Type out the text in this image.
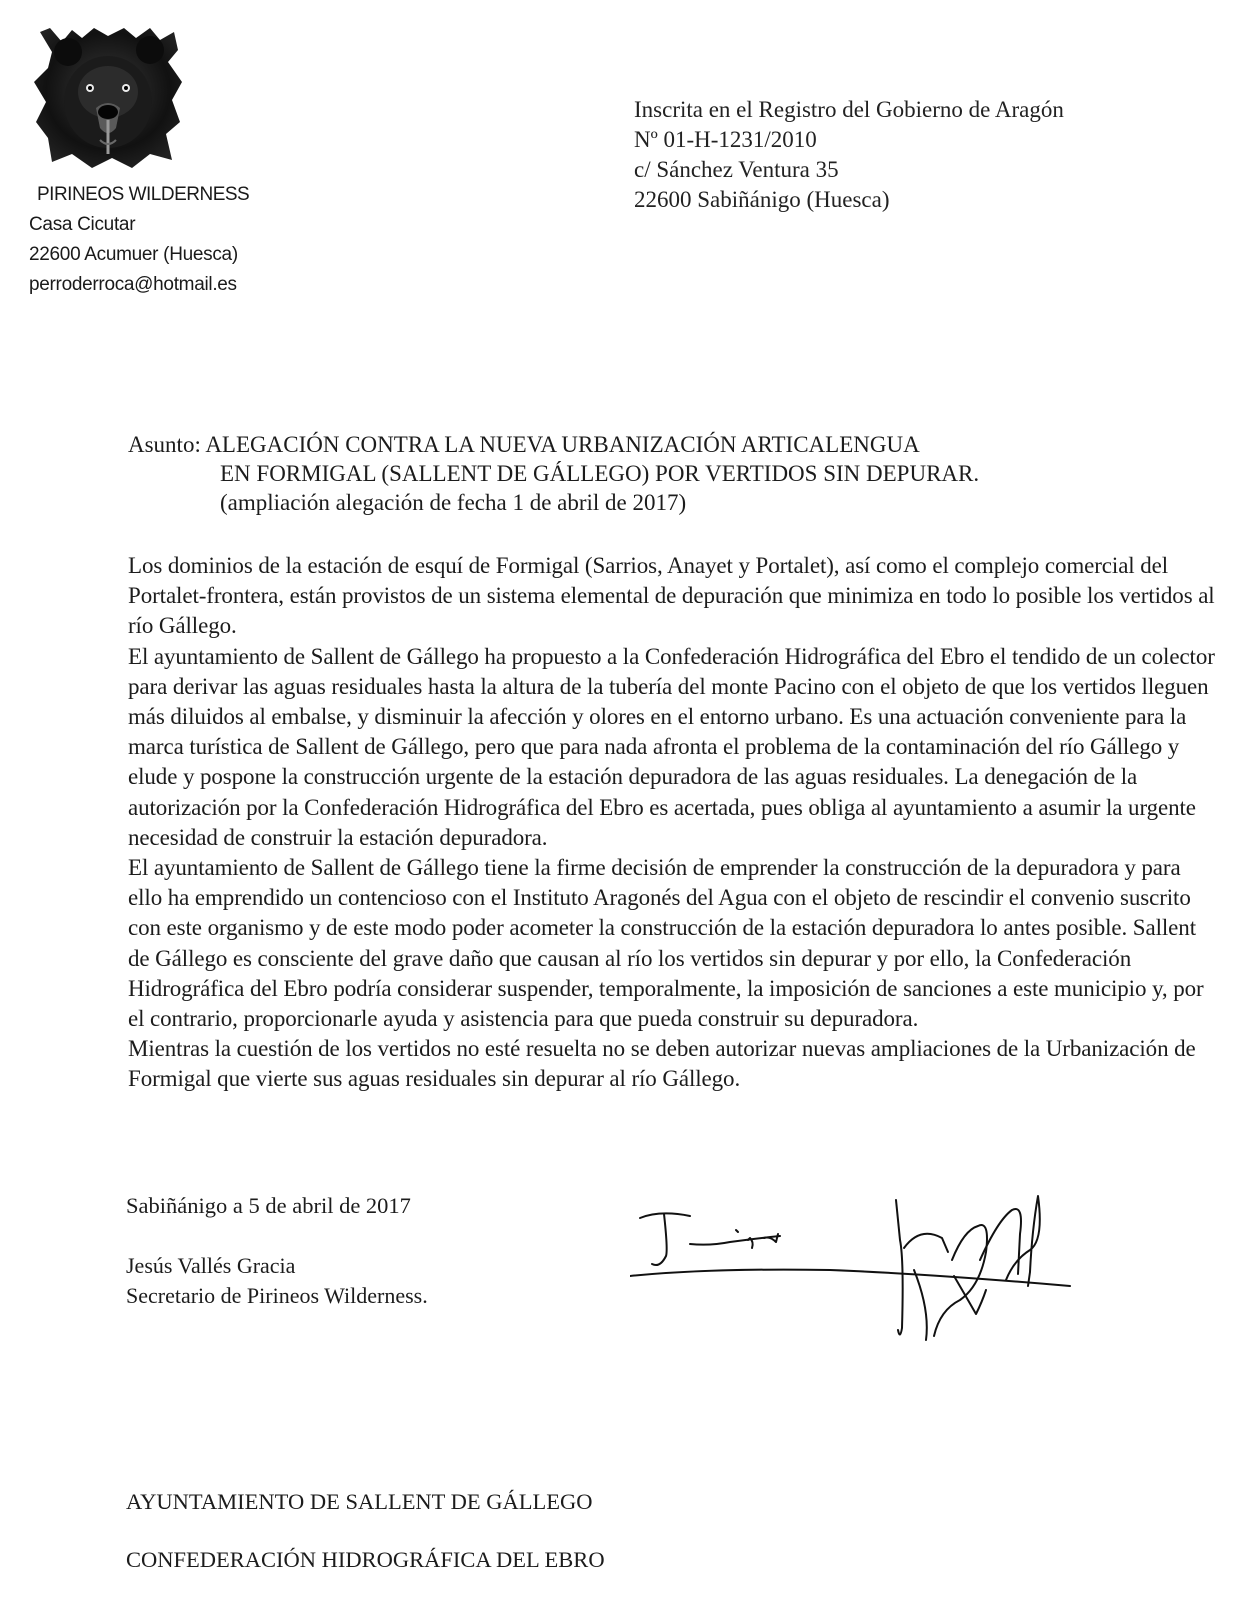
PIRINEOS WILDERNESS
Casa Cicutar
22600 Acumuer (Huesca)
perroderroca@hotmail.es
Inscrita en el Registro del Gobierno de Aragón
Nº 01-H-1231/2010
c/ Sánchez Ventura 35
22600 Sabiñánigo (Huesca)
Asunto: ALEGACIÓN CONTRA LA NUEVA URBANIZACIÓN ARTICALENGUA
EN FORMIGAL (SALLENT DE GÁLLEGO) POR VERTIDOS SIN DEPURAR.
(ampliación alegación de fecha 1 de abril de 2017)

Los dominios de la estación de esquí de Formigal (Sarrios, Anayet y Portalet), así como el complejo comercial del Portalet-frontera, están provistos de un sistema elemental de depuración que minimiza en todo lo posible los vertidos al río Gállego.

El ayuntamiento de Sallent de Gállego ha propuesto a la Confederación Hidrográfica del Ebro el tendido de un colector para derivar las aguas residuales hasta la altura de la tubería del monte Pacino con el objeto de que los vertidos lleguen más diluidos al embalse, y disminuir la afección y olores en el entorno urbano. Es una actuación conveniente para la marca turística de Sallent de Gállego, pero que para nada afronta el problema de la contaminación del río Gállego y elude y pospone la construcción urgente de la estación depuradora de las aguas residuales. La denegación de la autorización por la Confederación Hidrográfica del Ebro es acertada, pues obliga al ayuntamiento a asumir la urgente necesidad de construir la estación depuradora.

El ayuntamiento de Sallent de Gállego tiene la firme decisión de emprender la construcción de la depuradora y para ello ha emprendido un contencioso con el Instituto Aragonés del Agua con el objeto de rescindir el convenio suscrito con este organismo y de este modo poder acometer la construcción de la estación depuradora lo antes posible. Sallent de Gállego es consciente del grave daño que causan al río los vertidos sin depurar y por ello, la Confederación Hidrográfica del Ebro podría considerar suspender, temporalmente, la imposición de sanciones a este municipio y, por el contrario, proporcionarle ayuda y asistencia para que pueda construir su depuradora.

Mientras la cuestión de los vertidos no esté resuelta no se deben autorizar nuevas ampliaciones de la Urbanización de Formigal que vierte sus aguas residuales sin depurar al río Gállego.

Sabiñánigo a 5 de abril de 2017
Jesús Vallés Gracia
Secretario de Pirineos Wilderness.
AYUNTAMIENTO DE SALLENT DE GÁLLEGO
CONFEDERACIÓN HIDROGRÁFICA DEL EBRO
